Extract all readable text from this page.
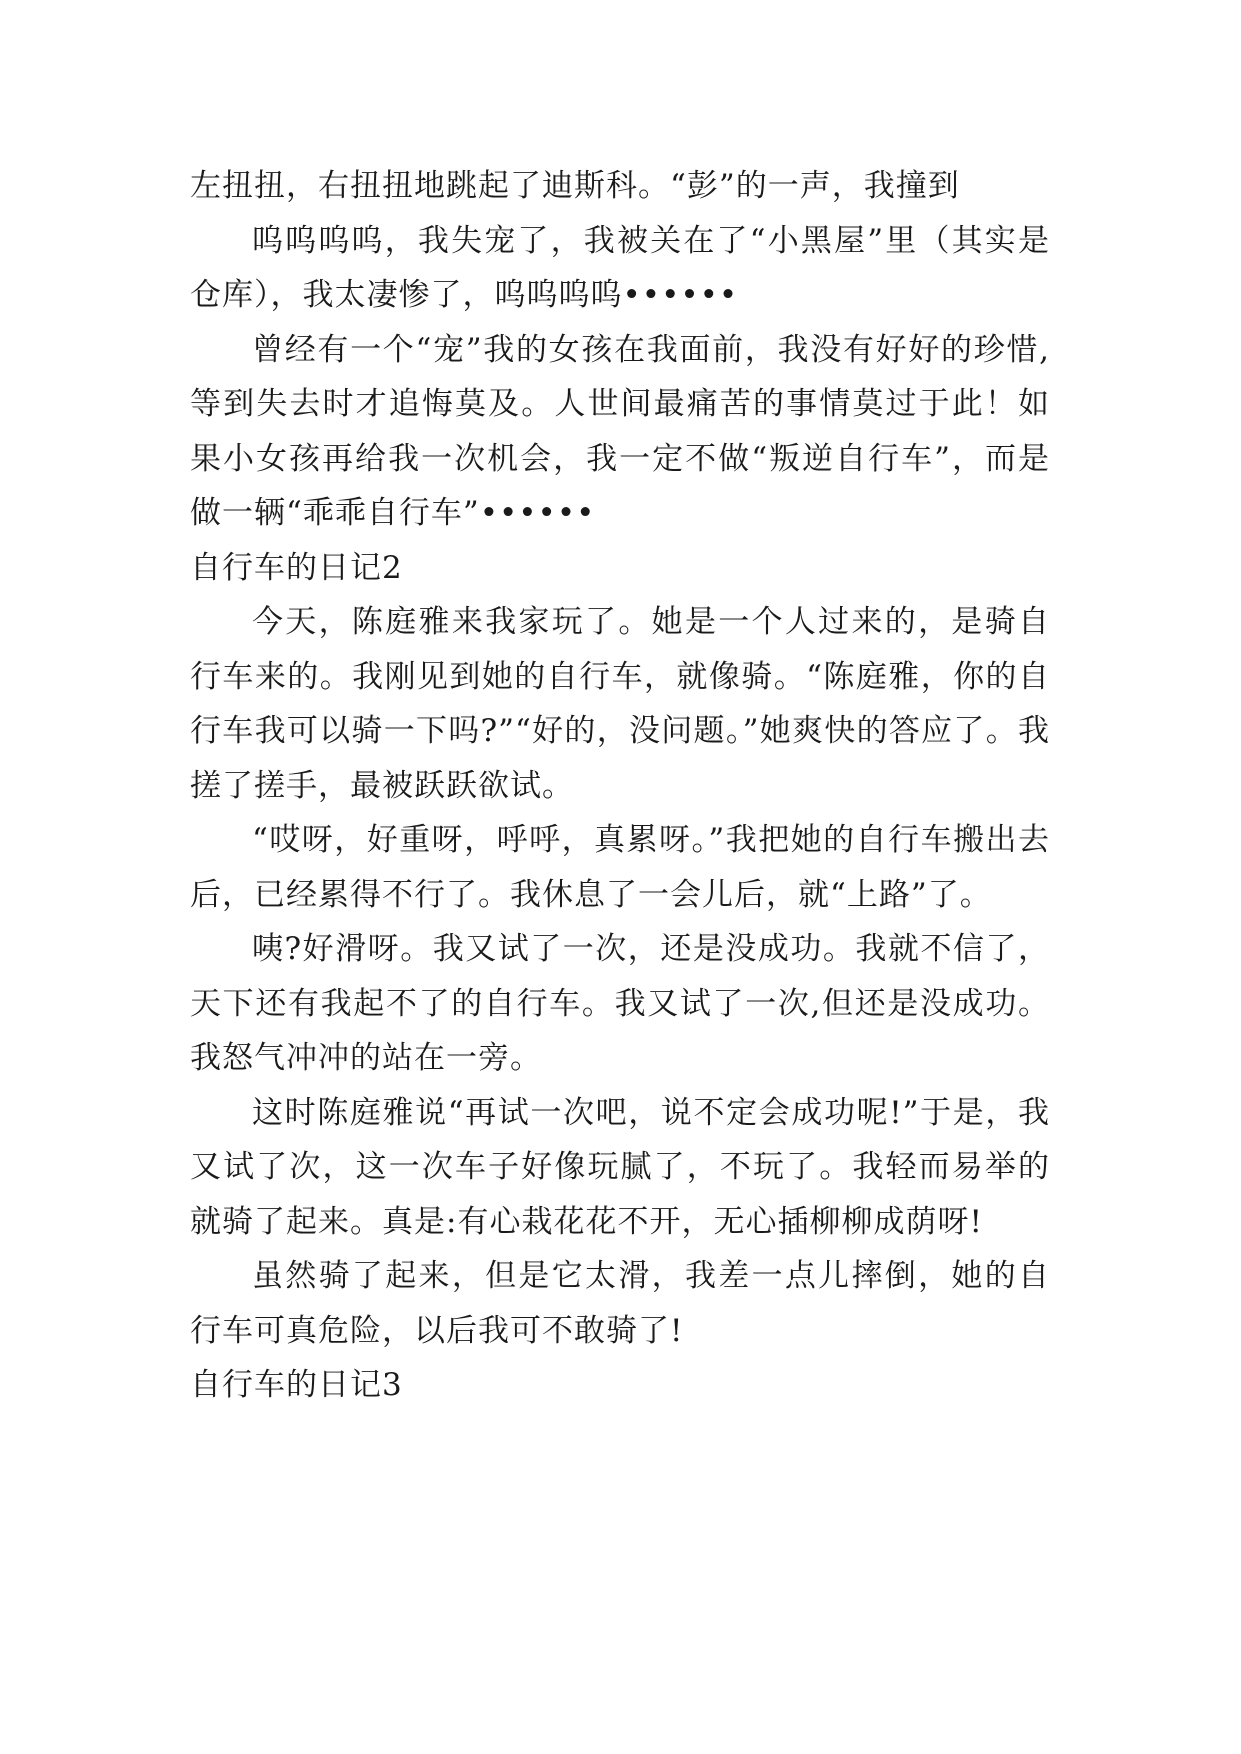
左扭扭，右扭扭地跳起了迪斯科。“彭”的一声，我撞到

呜呜呜呜，我失宠了，我被关在了“小黑屋”里（其实是仓库），我太凄惨了，呜呜呜呜••••••

曾经有一个“宠”我的女孩在我面前，我没有好好的珍惜,等到失去时才追悔莫及。人世间最痛苦的事情莫过于此！如果小女孩再给我一次机会，我一定不做“叛逆自行车”，而是做一辆“乖乖自行车”••••••

自行车的日记2

今天，陈庭雅来我家玩了。她是一个人过来的，是骑自行车来的。我刚见到她的自行车，就像骑。“陈庭雅，你的自行车我可以骑一下吗?”“好的，没问题。”她爽快的答应了。我搓了搓手，最被跃跃欲试。

“哎呀，好重呀，呼呼，真累呀。”我把她的自行车搬出去后，已经累得不行了。我休息了一会儿后，就“上路”了。

咦?好滑呀。我又试了一次，还是没成功。我就不信了，天下还有我起不了的自行车。我又试了一次,但还是没成功。我怒气冲冲的站在一旁。

这时陈庭雅说“再试一次吧，说不定会成功呢!”于是，我又试了次，这一次车子好像玩腻了，不玩了。我轻而易举的就骑了起来。真是:有心栽花花不开，无心插柳柳成荫呀!

虽然骑了起来，但是它太滑，我差一点儿摔倒，她的自行车可真危险，以后我可不敢骑了!

自行车的日记3
